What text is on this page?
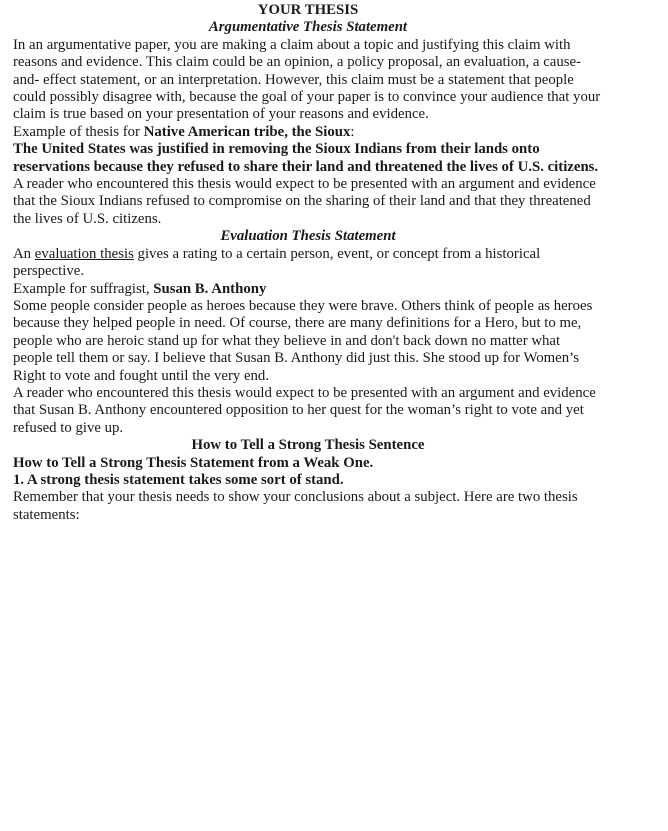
YOUR THESIS

Argumentative Thesis Statement

In an argumentative paper, you are making a claim about a topic and justifying this claim with reasons and evidence. This claim could be an opinion, a policy proposal, an evaluation, a cause-and- effect statement, or an interpretation. However, this claim must be a statement that people could possibly disagree with, because the goal of your paper is to convince your audience that your claim is true based on your presentation of your reasons and evidence.

Example of thesis for Native American tribe, the Sioux:

The United States was justified in removing the Sioux Indians from their lands onto reservations because they refused to share their land and threatened the lives of U.S. citizens.

A reader who encountered this thesis would expect to be presented with an argument and evidence that the Sioux Indians refused to compromise on the sharing of their land and that they threatened the lives of U.S. citizens.

Evaluation Thesis Statement

An evaluation thesis gives a rating to a certain person, event, or concept from a historical perspective.

Example for suffragist, Susan B. Anthony

Some people consider people as heroes because they were brave. Others think of people as heroes because they helped people in need. Of course, there are many definitions for a Hero, but to me, people who are heroic stand up for what they believe in and don't back down no matter what people tell them or say. I believe that Susan B. Anthony did just this. She stood up for Women’s Right to vote and fought until the very end.

A reader who encountered this thesis would expect to be presented with an argument and evidence that Susan B. Anthony encountered opposition to her quest for the woman’s right to vote and yet refused to give up.

How to Tell a Strong Thesis Sentence

How to Tell a Strong Thesis Statement from a Weak One.

1. A strong thesis statement takes some sort of stand.

Remember that your thesis needs to show your conclusions about a subject. Here are two thesis statements:
